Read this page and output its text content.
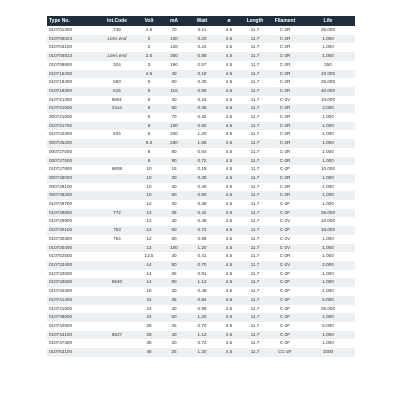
Type No.	Int.Code	Volt	mA	Watt	ø	Length	Filament	Life
010701300	749	1.5	70	0.11	4.5	11.7	C-2R	25.000
010706023	Lens end	2	100	0.20	4.5	11.7	C-2R	1.000
010703100		2	120	0.24	4.5	11.7	C-2R	1.000
010706823	Lens end	2.5	350	0.88	4.5	11.7	C-2R	1.000
010708800	324	3	190	0.57	4.5	11.7	C-2R	350
010715200		4.5	40	0.18	4.5	11.7	C-2R	10.000
010718400	583	5	60	0.30	4.5	11.7	C-2R	25.000
010719300	515	5	115	0.58	4.5	11.7	C-2R	40.000
010721300	8661	6	40	0.24	4.5	11.7	C-2V	10.000
010721500	2114	6	60	0.36	4.5	11.7	C-2R	3.000
000721600		6	70	0.42	4.5	11.7	C-2R	1.000
010721700		6	100	0.60	4.5	11.7	C-2R	1.000
010722200	634	6	200	1.20	4.5	11.7	C-2R	1.000
000725200		6.3	250	1.58	4.5	11.7	C-2R	1.000
000727000		8	80	0.64	4.5	11.7	C-2R	1.000
000727500		8	90	0.72	4.5	11.7	C-2R	1.000
010727800	8608	10	15	0.15	4.5	11.7	C-2F	10.000
000728000		10	30	0.30	4.5	11.7	C-2R	1.000
000728100		10	40	0.40	4.5	11.7	C-2R	1.000
000728200		10	50	0.50	4.5	11.7	C-2R	1.000
010729700		12	30	0.36	4.5	11.7	C-2F	1.000
010729800	772	12	35	0.42	4.5	11.7	C-2F	25.000
010729900		12	40	0.48	4.5	11.7	C-2V	10.000
010730100	753	12	60	0.72	4.5	11.7	C-2F	15.000
010730300	754	12	80	0.96	4.5	11.7	C-2V	1.000
010730400		12	100	1.20	4.5	11.7	C-2V	1.000
010762500		13.5	30	0.41	4.5	11.7	C-2R	1.000
010733400		14	50	0.70	4.5	11.7	C-2V	2.000
010733500		14	65	0.91	4.5	11.7	C-2F	1.000
010733600	8640	14	80	1.12	4.5	11.7	C-2F	1.000
010734300		16	30	0.48	4.5	11.7	C-2F	1.000
010741400		24	35	0.84	4.5	11.7	C-2F	5.000
010741500		24	40	0.96	4.5	11.7	C-2F	25.000
010738600		24	50	1.20	4.5	11.7	C-2F	1.000
010742800		28	25	0.70	4.5	11.7	C-2F	5.000
010743100	8627	28	40	1.12	4.5	11.7	C-2F	1.000
010747300		36	20	0.72	4.5	11.7	C-2F	1.000
010753100		48	25	1.20	4.5	11.7	CC-2F	1000
